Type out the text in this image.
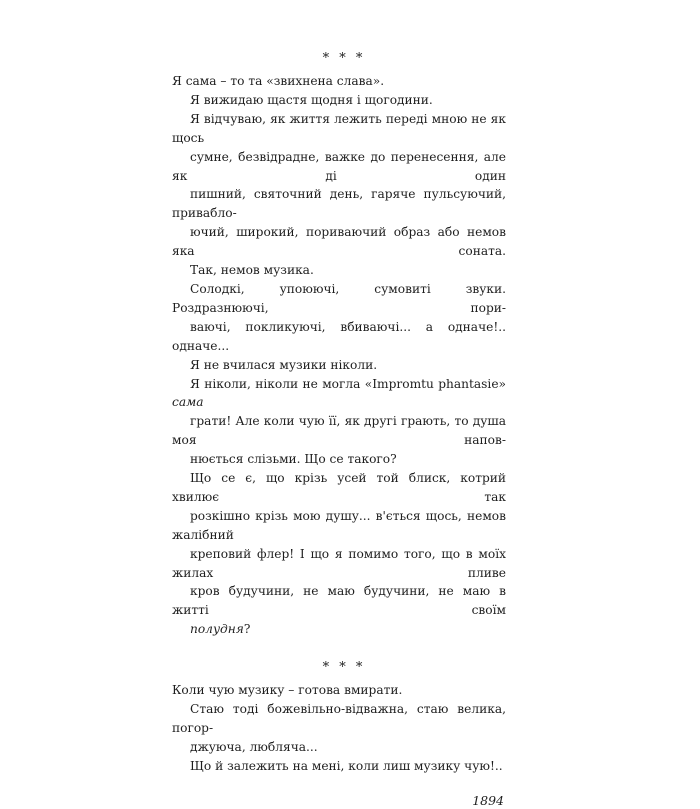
* * *

Я сама – то та «звихнена слава».

Я вижидаю щастя щодня і щогодини.

Я відчуваю, як життя лежить переді мною не як щось
сумне, безвідрадне, важке до перенесення, але як ді один
пишний, святочний день, гаряче пульсуючий, привабло-
ючий, широкий, пориваючий образ або немов яка соната.

Так, немов музика.

Солодкі, упоюючі, сумовиті звуки. Роздразнюючі, пори-
ваючі, покликуючі, вбиваючі... а одначе!.. одначе...

Я не вчилася музики ніколи.

Я ніколи, ніколи не могла «Impromtu phantasie» сама
грати! Але коли чую її, як другі грають, то душа моя напов-
нюється слізьми. Що се такого?

Що се є, що крізь усей той блиск, котрий хвилює так
розкішно крізь мою душу... в'ється щось, немов жалібний
креповий флер! І що я помимо того, що в моїх жилах пливе
кров будучини, не маю будучини, не маю в житті своїм
полудня?

* * *

Коли чую музику – готова вмирати.

Стаю тоді божевільно-відважна, стаю велика, погор-
джуюча, любляча...

Що й залежить на мені, коли лиш музику чую!..

1894
